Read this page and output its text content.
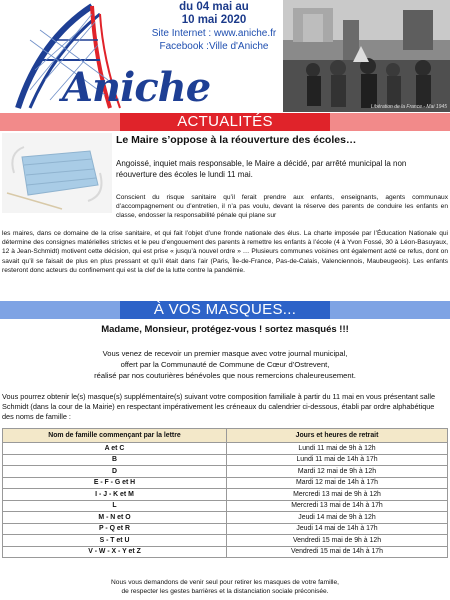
Aniche
du 04 mai au
10 mai 2020
Site Internet : www.aniche.fr
Facebook :Ville d'Aniche
Libération de la France - Mai 1945
ACTUALITÉS
Le Maire s’oppose à la réouverture des écoles…
Angoissé, inquiet mais responsable, le Maire a décidé, par arrêté municipal la non réouverture des écoles le lundi 11 mai.
Conscient du risque sanitaire qu’il ferait prendre aux enfants, enseignants, agents communaux d’accompagnement ou d’entretien, il n’a pas voulu, devant la réserve des parents de conduire les enfants en classe, endosser la responsabilité pénale qui plane sur
les maires, dans ce domaine de la crise sanitaire, et qui fait l’objet d’une fronde nationale des élus. La charte imposée par l’Éducation Nationale qui détermine des consignes matérielles strictes et le peu d’engouement des parents à remettre les enfants à l’école (4 à Yvon Fossé, 30 à Léon-Basuyaux, 12 à Jean-Schmidt) motivent cette décision, qui est prise « jusqu’à nouvel ordre » … Plusieurs communes voisines ont également acté ce refus, dont on savait qu’il se faisait de plus en plus pressant et qu’il était dans l’air (Paris, Île-de-France, Pas-de-Calais, Valenciennois, Maubeugeois). Les enfants resteront donc acteurs du confinement qui est la clef de la lutte contre la pandémie.
À VOS MASQUES...
Madame, Monsieur, protégez-vous ! sortez masqués !!!
Vous venez de recevoir un premier masque avec votre journal municipal,
offert par la Communauté de Commune de Cœur d’Ostrevent,
réalisé par nos couturières bénévoles que nous remercions chaleureusement.
Vous pourrez obtenir le(s) masque(s) supplémentaire(s) suivant votre composition familiale à partir du 11 mai en vous présentant salle Schmidt (dans la cour de la Mairie) en respectant impérativement les créneaux du calendrier ci-dessous, établi par ordre alphabétique des noms de famille :
Nom de famille commençant par la lettre	Jours et heures de retrait
A et C	Lundi 11 mai de 9h à 12h
B	Lundi 11 mai de 14h à 17h
D	Mardi 12 mai de 9h à 12h
E - F - G et H	Mardi 12 mai de 14h à 17h
I - J - K et M	Mercredi 13 mai de 9h à 12h
L	Mercredi 13 mai de 14h à 17h
M - N et O	Jeudi 14 mai de 9h à 12h
P - Q et R	Jeudi 14 mai de 14h à 17h
S - T et U	Vendredi 15 mai de 9h à 12h
V - W - X - Y et Z	Vendredi 15 mai de 14h à 17h
Nous vous demandons de venir seul pour retirer les masques de votre famille,
de respecter les gestes barrières et la distanciation sociale préconisée.
